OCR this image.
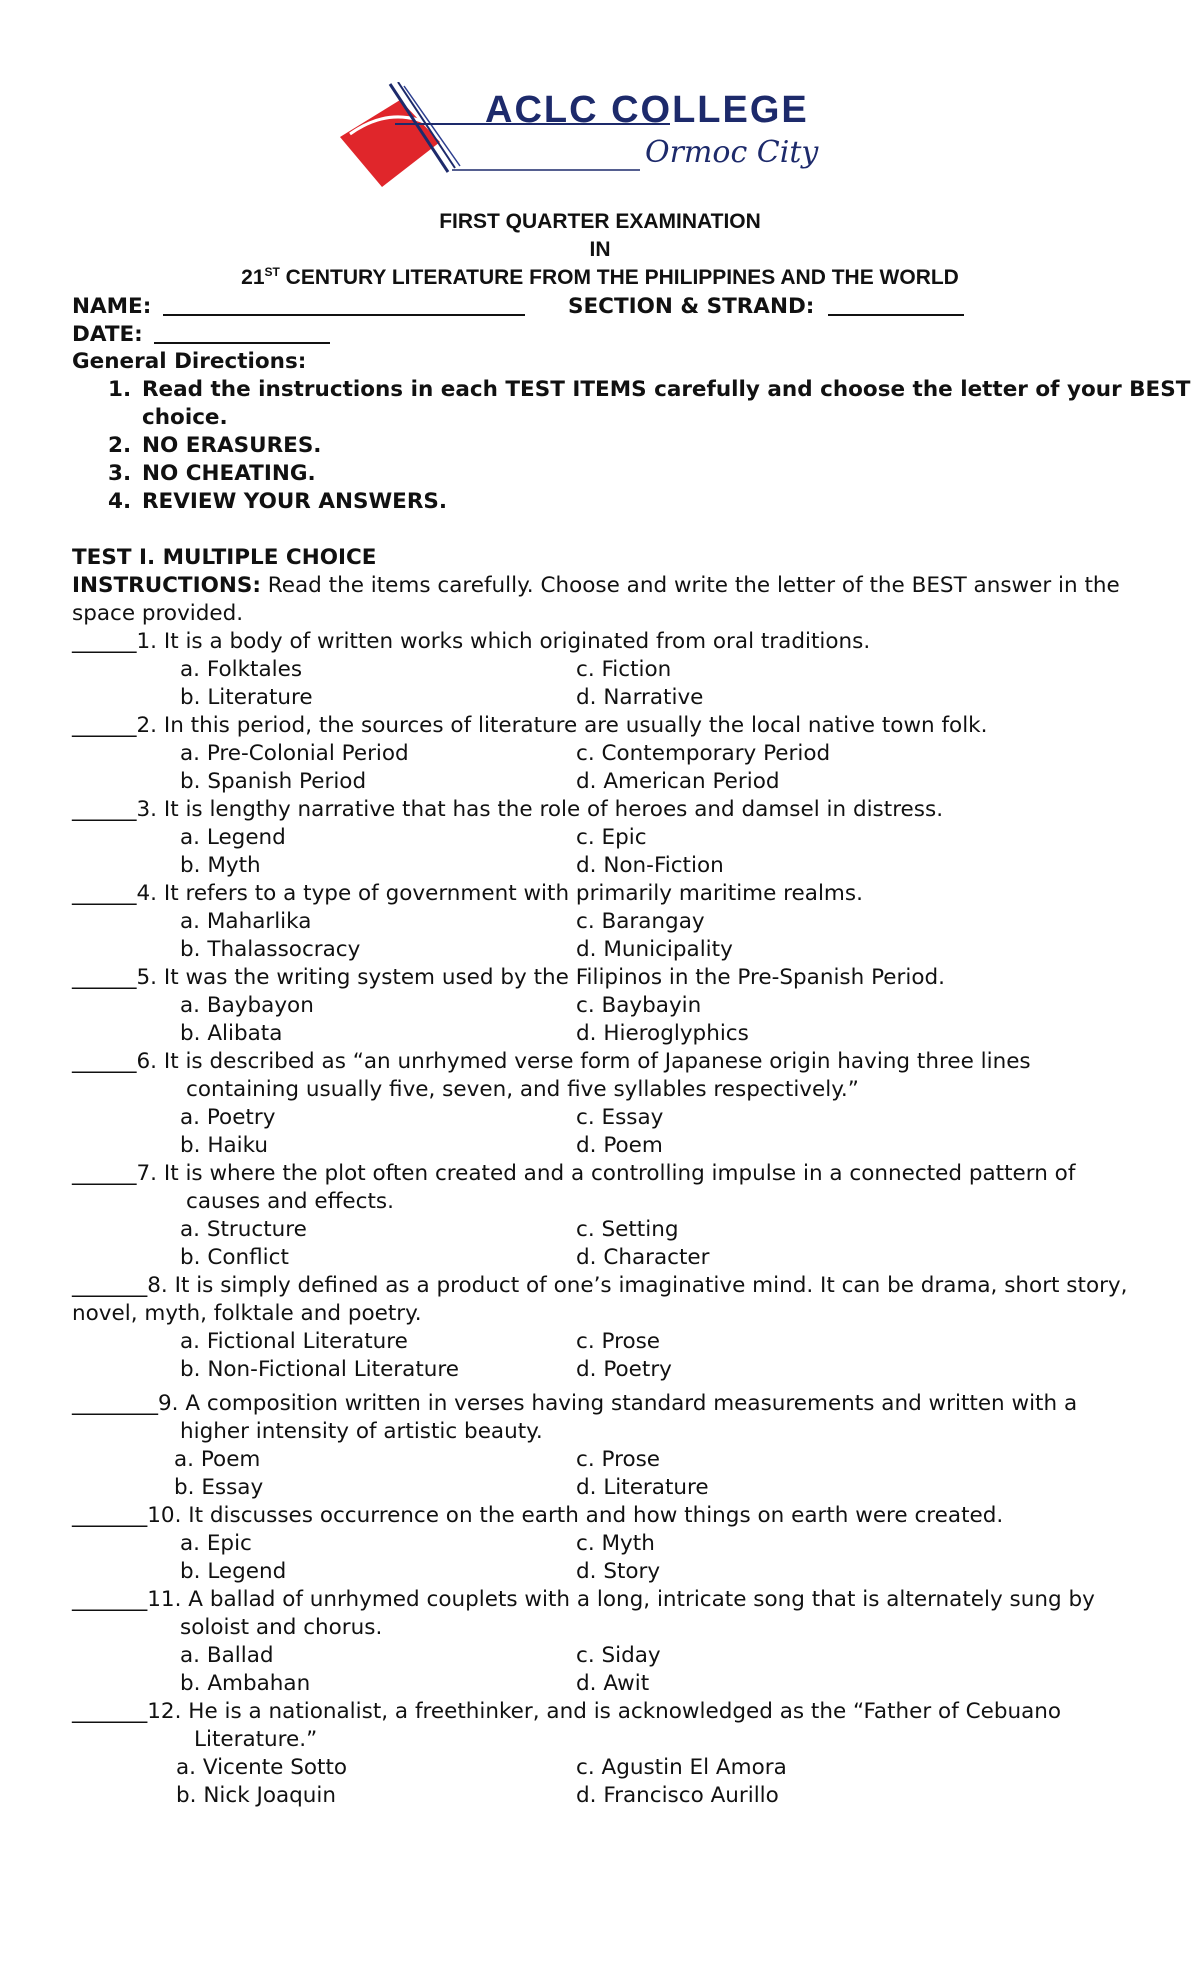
ACLC COLLEGE
Ormoc City
FIRST QUARTER EXAMINATION
IN
21ST CENTURY LITERATURE FROM THE PHILIPPINES AND THE WORLD
NAME:	SECTION & STRAND:
DATE:
General Directions:
1. Read the instructions in each TEST ITEMS carefully and choose the letter of your BEST
choice.
2. NO ERASURES.
3. NO CHEATING.
4. REVIEW YOUR ANSWERS.
TEST I. MULTIPLE CHOICE
INSTRUCTIONS: Read the items carefully. Choose and write the letter of the BEST answer in the
space provided.
______1. It is a body of written works which originated from oral traditions.
a. Folktales	c. Fiction
b. Literature	d. Narrative
______2. In this period, the sources of literature are usually the local native town folk.
a. Pre-Colonial Period	c. Contemporary Period
b. Spanish Period	d. American Period
______3. It is lengthy narrative that has the role of heroes and damsel in distress.
a. Legend	c. Epic
b. Myth	d. Non-Fiction
______4. It refers to a type of government with primarily maritime realms.
a. Maharlika	c. Barangay
b. Thalassocracy	d. Municipality
______5. It was the writing system used by the Filipinos in the Pre-Spanish Period.
a. Baybayon	c. Baybayin
b. Alibata	d. Hieroglyphics
______6. It is described as “an unrhymed verse form of Japanese origin having three lines
containing usually five, seven, and five syllables respectively.”
a. Poetry	c. Essay
b. Haiku	d. Poem
______7. It is where the plot often created and a controlling impulse in a connected pattern of
causes and effects.
a. Structure	c. Setting
b. Conflict	d. Character
_______8. It is simply defined as a product of one’s imaginative mind. It can be drama, short story,
novel, myth, folktale and poetry.
a. Fictional Literature	c. Prose
b. Non-Fictional Literature	d. Poetry
________9. A composition written in verses having standard measurements and written with a
higher intensity of artistic beauty.
a. Poem	c. Prose
b. Essay	d. Literature
_______10. It discusses occurrence on the earth and how things on earth were created.
a. Epic	c. Myth
b. Legend	d. Story
_______11. A ballad of unrhymed couplets with a long, intricate song that is alternately sung by
soloist and chorus.
a. Ballad	c. Siday
b. Ambahan	d. Awit
_______12. He is a nationalist, a freethinker, and is acknowledged as the “Father of Cebuano
Literature.”
a. Vicente Sotto	c. Agustin El Amora
b. Nick Joaquin	d. Francisco Aurillo
